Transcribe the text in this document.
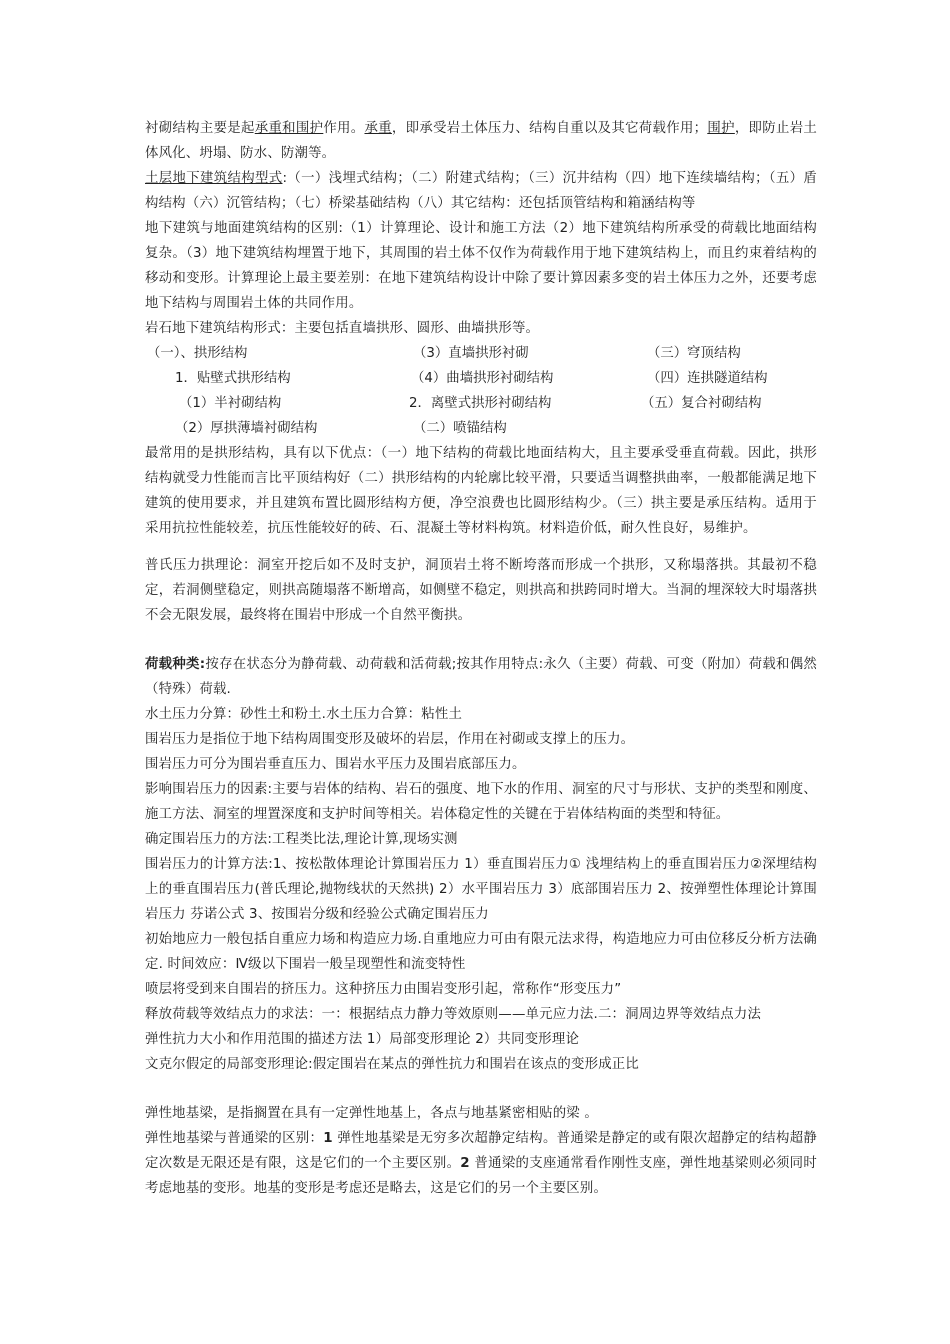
衬砌结构主要是起承重和围护作用。承重，即承受岩土体压力、结构自重以及其它荷载作用；围护，即防止岩土体风化、坍塌、防水、防潮等。

土层地下建筑结构型式:（一）浅埋式结构；（二）附建式结构；（三）沉井结构（四）地下连续墙结构；（五）盾构结构（六）沉管结构；（七）桥梁基础结构（八）其它结构：还包括顶管结构和箱涵结构等

地下建筑与地面建筑结构的区别:（1）计算理论、设计和施工方法（2）地下建筑结构所承受的荷载比地面结构复杂。（3）地下建筑结构埋置于地下，其周围的岩土体不仅作为荷载作用于地下建筑结构上，而且约束着结构的移动和变形。计算理论上最主要差别：在地下建筑结构设计中除了要计算因素多变的岩土体压力之外，还要考虑地下结构与周围岩土体的共同作用。

岩石地下建筑结构形式：主要包括直墙拱形、圆形、曲墙拱形等。

（一）、拱形结构
1．贴壁式拱形结构
（1）半衬砌结构
（2）厚拱薄墙衬砌结构
（3）直墙拱形衬砌
（4）曲墙拱形衬砌结构
2．离壁式拱形衬砌结构
（二）喷锚结构
（三）穹顶结构
（四）连拱隧道结构
（五）复合衬砌结构

最常用的是拱形结构，具有以下优点：（一）地下结构的荷载比地面结构大，且主要承受垂直荷载。因此，拱形结构就受力性能而言比平顶结构好（二）拱形结构的内轮廓比较平滑，只要适当调整拱曲率，一般都能满足地下建筑的使用要求，并且建筑布置比圆形结构方便，净空浪费也比圆形结构少。（三）拱主要是承压结构。适用于采用抗拉性能较差，抗压性能较好的砖、石、混凝土等材料构筑。材料造价低，耐久性良好，易维护。

普氏压力拱理论：洞室开挖后如不及时支护，洞顶岩土将不断垮落而形成一个拱形，又称塌落拱。其最初不稳定，若洞侧壁稳定，则拱高随塌落不断增高，如侧壁不稳定，则拱高和拱跨同时增大。当洞的埋深较大时塌落拱不会无限发展，最终将在围岩中形成一个自然平衡拱。

荷载种类:按存在状态分为静荷载、动荷载和活荷载;按其作用特点:永久（主要）荷载、可变（附加）荷载和偶然（特殊）荷载.

水土压力分算：砂性土和粉土.水土压力合算：粘性土

围岩压力是指位于地下结构周围变形及破坏的岩层，作用在衬砌或支撑上的压力。

围岩压力可分为围岩垂直压力、围岩水平压力及围岩底部压力。

影响围岩压力的因素:主要与岩体的结构、岩石的强度、地下水的作用、洞室的尺寸与形状、支护的类型和刚度、施工方法、洞室的埋置深度和支护时间等相关。岩体稳定性的关键在于岩体结构面的类型和特征。

确定围岩压力的方法:工程类比法,理论计算,现场实测

围岩压力的计算方法:1、按松散体理论计算围岩压力 1）垂直围岩压力① 浅埋结构上的垂直围岩压力②深埋结构上的垂直围岩压力(普氏理论,抛物线状的天然拱) 2）水平围岩压力 3）底部围岩压力 2、按弹塑性体理论计算围岩压力 芬诺公式 3、按围岩分级和经验公式确定围岩压力

初始地应力一般包括自重应力场和构造应力场.自重地应力可由有限元法求得，构造地应力可由位移反分析方法确定. 时间效应：Ⅳ级以下围岩一般呈现塑性和流变特性

喷层将受到来自围岩的挤压力。这种挤压力由围岩变形引起，常称作“形变压力”

释放荷载等效结点力的求法：一：根据结点力静力等效原则——单元应力法.二：洞周边界等效结点力法

弹性抗力大小和作用范围的描述方法 1）局部变形理论 2）共同变形理论

文克尔假定的局部变形理论:假定围岩在某点的弹性抗力和围岩在该点的变形成正比

弹性地基梁，是指搁置在具有一定弹性地基上，各点与地基紧密相贴的梁 。

弹性地基梁与普通梁的区别：1 弹性地基梁是无穷多次超静定结构。普通梁是静定的或有限次超静定的结构超静定次数是无限还是有限，这是它们的一个主要区别。2 普通梁的支座通常看作刚性支座，弹性地基梁则必须同时考虑地基的变形。地基的变形是考虑还是略去，这是它们的另一个主要区别。
